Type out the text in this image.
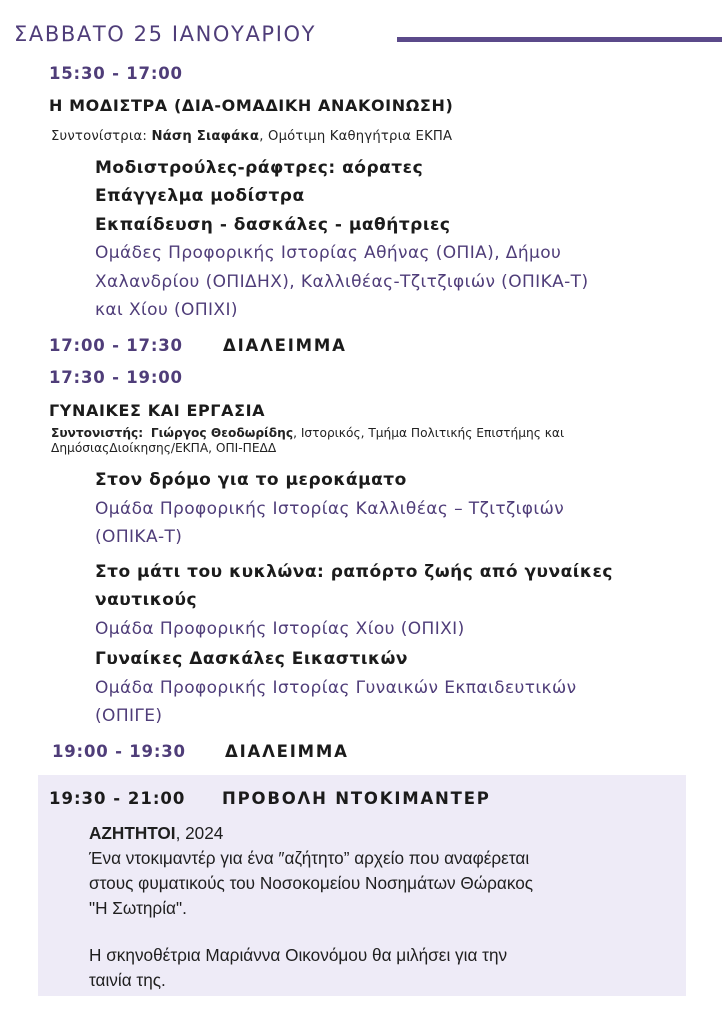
ΣΑΒΒΑΤΟ 25 ΙΑΝΟΥΑΡΙΟΥ
15:30 - 17:00
Η ΜΟΔΙΣΤΡΑ (ΔΙΑ-ΟΜΑΔΙΚΗ ΑΝΑΚΟΙΝΩΣΗ)
Συντονίστρια: Νάση Σιαφάκα, Ομότιμη Καθηγήτρια ΕΚΠΑ
Μοδιστρούλες-ράφτρες: αόρατες
Επάγγελμα μοδίστρα
Εκπαίδευση - δασκάλες - μαθήτριες
Ομάδες Προφορικής Ιστορίας Αθήνας (ΟΠΙΑ), Δήμου
Χαλανδρίου (ΟΠΙΔΗΧ), Καλλιθέας-Τζιτζιφιών (ΟΠΙΚΑ-Τ)
και Χίου (ΟΠΙΧΙ)
17:00 - 17:30 ΔΙΑΛΕΙΜΜΑ
17:30 - 19:00
ΓΥΝΑΙΚΕΣ ΚΑΙ ΕΡΓΑΣΙΑ
Συντονιστής: Γιώργος Θεοδωρίδης, Ιστορικός, Τμήμα Πολιτικής Επιστήμης και
ΔημόσιαςΔιοίκησης/ΕΚΠΑ, ΟΠΙ-ΠΕΔΔ
Στον δρόμο για το μεροκάματο
Ομάδα Προφορικής Ιστορίας Καλλιθέας – Τζιτζιφιών
(ΟΠΙΚΑ-Τ)
Στο μάτι του κυκλώνα: ραπόρτο ζωής από γυναίκες
ναυτικούς
Ομάδα Προφορικής Ιστορίας Χίου (ΟΠΙΧΙ)
Γυναίκες Δασκάλες Εικαστικών
Ομάδα Προφορικής Ιστορίας Γυναικών Εκπαιδευτικών
(ΟΠΙΓΕ)
19:00 - 19:30 ΔΙΑΛΕΙΜΜΑ
19:30 - 21:00 ΠΡΟΒΟΛΗ ΝΤΟΚΙΜΑΝΤΕΡ
ΑΖΗΤΗΤΟΙ, 2024
Ένα ντοκιμαντέρ για ένα ″αζήτητο” αρχείο που αναφέρεται
στους φυματικούς του Νοσοκομείου Νοσημάτων Θώρακος
"Η Σωτηρία".
Η σκηνοθέτρια Μαριάννα Οικονόμου θα μιλήσει για την
ταινία της.
